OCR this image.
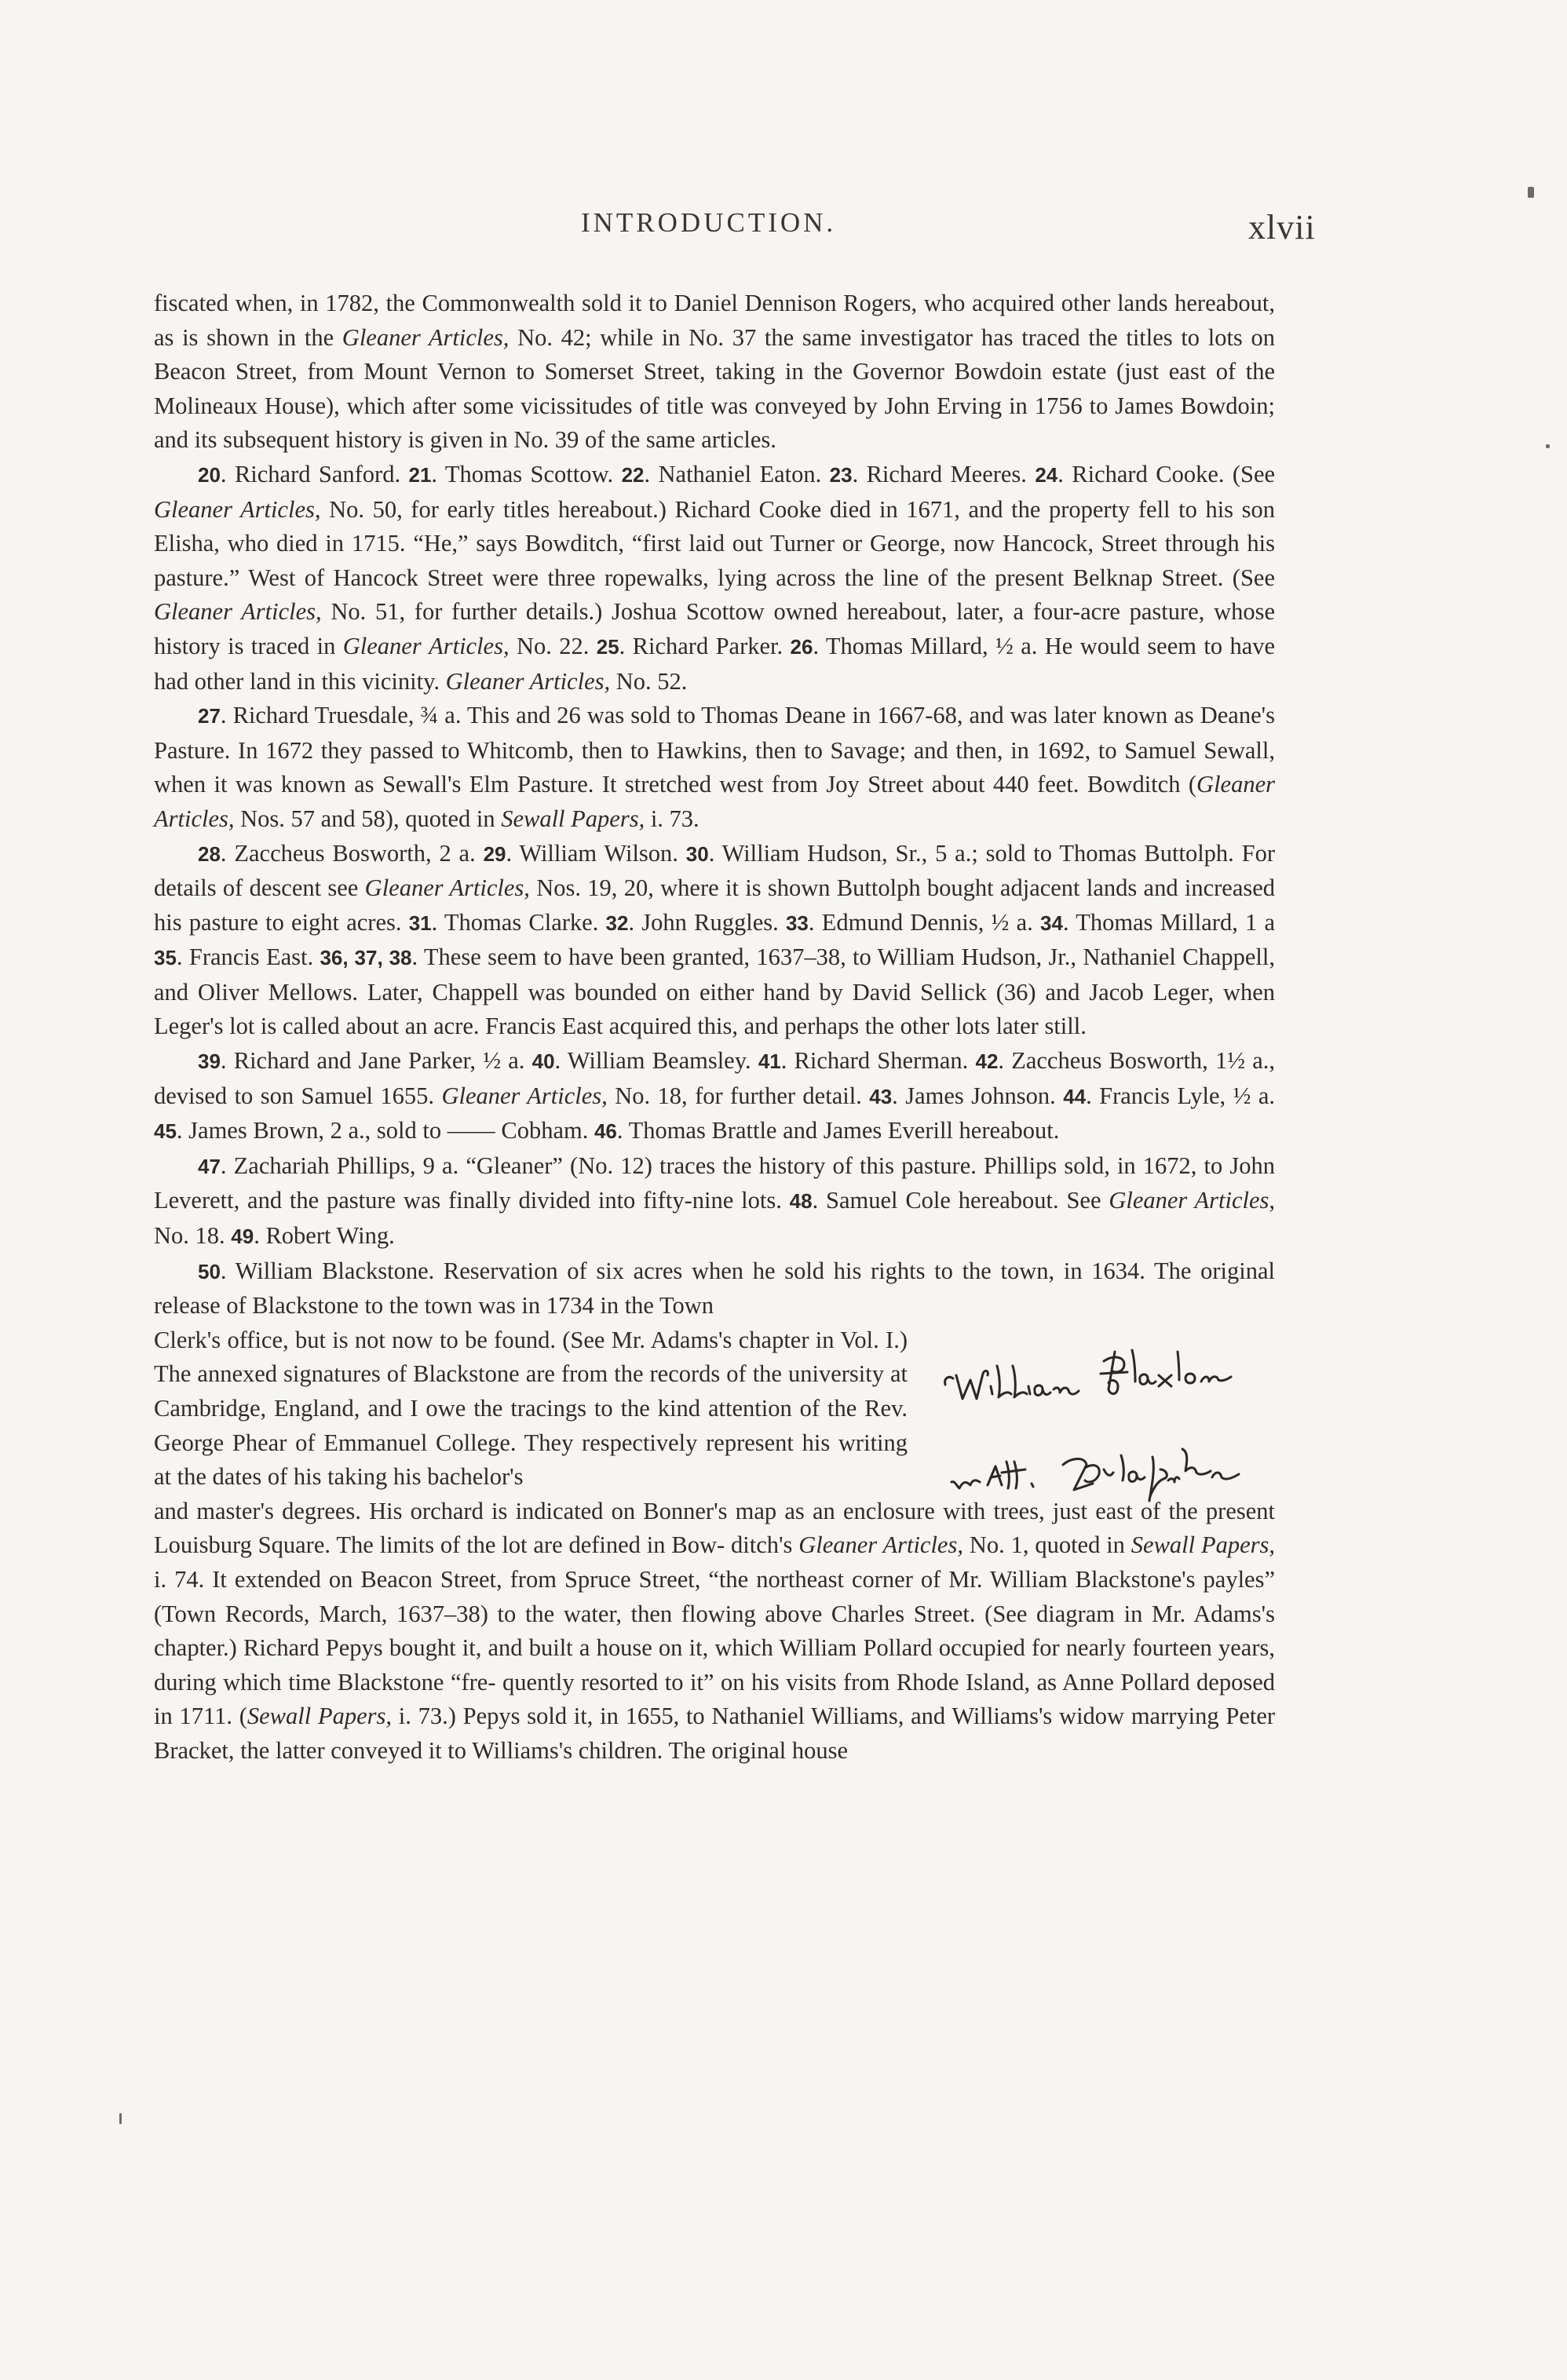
INTRODUCTION.	xlvii

fiscated when, in 1782, the Commonwealth sold it to Daniel Dennison Rogers, who acquired other lands hereabout, as is shown in the Gleaner Articles, No. 42; while in No. 37 the same investigator has traced the titles to lots on Beacon Street, from Mount Vernon to Somerset Street, taking in the Governor Bowdoin estate (just east of the Molineaux House), which after some vicissitudes of title was conveyed by John Erving in 1756 to James Bowdoin; and its subsequent history is given in No. 39 of the same articles.

20. Richard Sanford. 21. Thomas Scottow. 22. Nathaniel Eaton. 23. Richard Meeres. 24. Richard Cooke. (See Gleaner Articles, No. 50, for early titles hereabout.) Richard Cooke died in 1671, and the property fell to his son Elisha, who died in 1715. “He,” says Bowditch, “first laid out Turner or George, now Hancock, Street through his pasture.” West of Hancock Street were three ropewalks, lying across the line of the present Belknap Street. (See Gleaner Articles, No. 51, for further details.) Joshua Scottow owned hereabout, later, a four-acre pasture, whose history is traced in Gleaner Articles, No. 22. 25. Richard Parker. 26. Thomas Millard, ½ a. He would seem to have had other land in this vicinity. Gleaner Articles, No. 52.

27. Richard Truesdale, ¾ a. This and 26 was sold to Thomas Deane in 1667-68, and was later known as Deane's Pasture. In 1672 they passed to Whitcomb, then to Hawkins, then to Savage; and then, in 1692, to Samuel Sewall, when it was known as Sewall's Elm Pasture. It stretched west from Joy Street about 440 feet. Bowditch (Gleaner Articles, Nos. 57 and 58), quoted in Sewall Papers, i. 73.

28. Zaccheus Bosworth, 2 a. 29. William Wilson. 30. William Hudson, Sr., 5 a.; sold to Thomas Buttolph. For details of descent see Gleaner Articles, Nos. 19, 20, where it is shown Buttolph bought adjacent lands and increased his pasture to eight acres. 31. Thomas Clarke. 32. John Ruggles. 33. Edmund Dennis, ½ a. 34. Thomas Millard, 1 a 35. Francis East. 36, 37, 38. These seem to have been granted, 1637–38, to William Hudson, Jr., Nathaniel Chappell, and Oliver Mellows. Later, Chappell was bounded on either hand by David Sellick (36) and Jacob Leger, when Leger's lot is called about an acre. Francis East acquired this, and perhaps the other lots later still.

39. Richard and Jane Parker, ½ a. 40. William Beamsley. 41. Richard Sherman. 42. Zaccheus Bosworth, 1½ a., devised to son Samuel 1655. Gleaner Articles, No. 18, for further detail. 43. James Johnson. 44. Francis Lyle, ½ a. 45. James Brown, 2 a., sold to —— Cobham. 46. Thomas Brattle and James Everill hereabout.

47. Zachariah Phillips, 9 a. “Gleaner” (No. 12) traces the history of this pasture. Phillips sold, in 1672, to John Leverett, and the pasture was finally divided into fifty-nine lots. 48. Samuel Cole hereabout. See Gleaner Articles, No. 18. 49. Robert Wing.

50. William Blackstone. Reservation of six acres when he sold his rights to the town, in 1634. The original release of Blackstone to the town was in 1734 in the Town

Clerk's office, but is not now to be found. (See Mr. Adams's chapter in Vol. I.) The annexed signatures of Blackstone are from the records of the university at Cambridge, England, and I owe the tracings to the kind attention of the Rev. George Phear of Emmanuel College. They respectively represent his writing at the dates of his taking his bachelor's

and master's degrees. His orchard is indicated on Bonner's map as an enclosure with trees, just east of the present Louisburg Square. The limits of the lot are defined in Bow- ditch's Gleaner Articles, No. 1, quoted in Sewall Papers, i. 74. It extended on Beacon Street, from Spruce Street, “the northeast corner of Mr. William Blackstone's payles” (Town Records, March, 1637–38) to the water, then flowing above Charles Street. (See diagram in Mr. Adams's chapter.) Richard Pepys bought it, and built a house on it, which William Pollard occupied for nearly fourteen years, during which time Blackstone “fre- quently resorted to it” on his visits from Rhode Island, as Anne Pollard deposed in 1711. (Sewall Papers, i. 73.) Pepys sold it, in 1655, to Nathaniel Williams, and Williams's widow marrying Peter Bracket, the latter conveyed it to Williams's children. The original house
